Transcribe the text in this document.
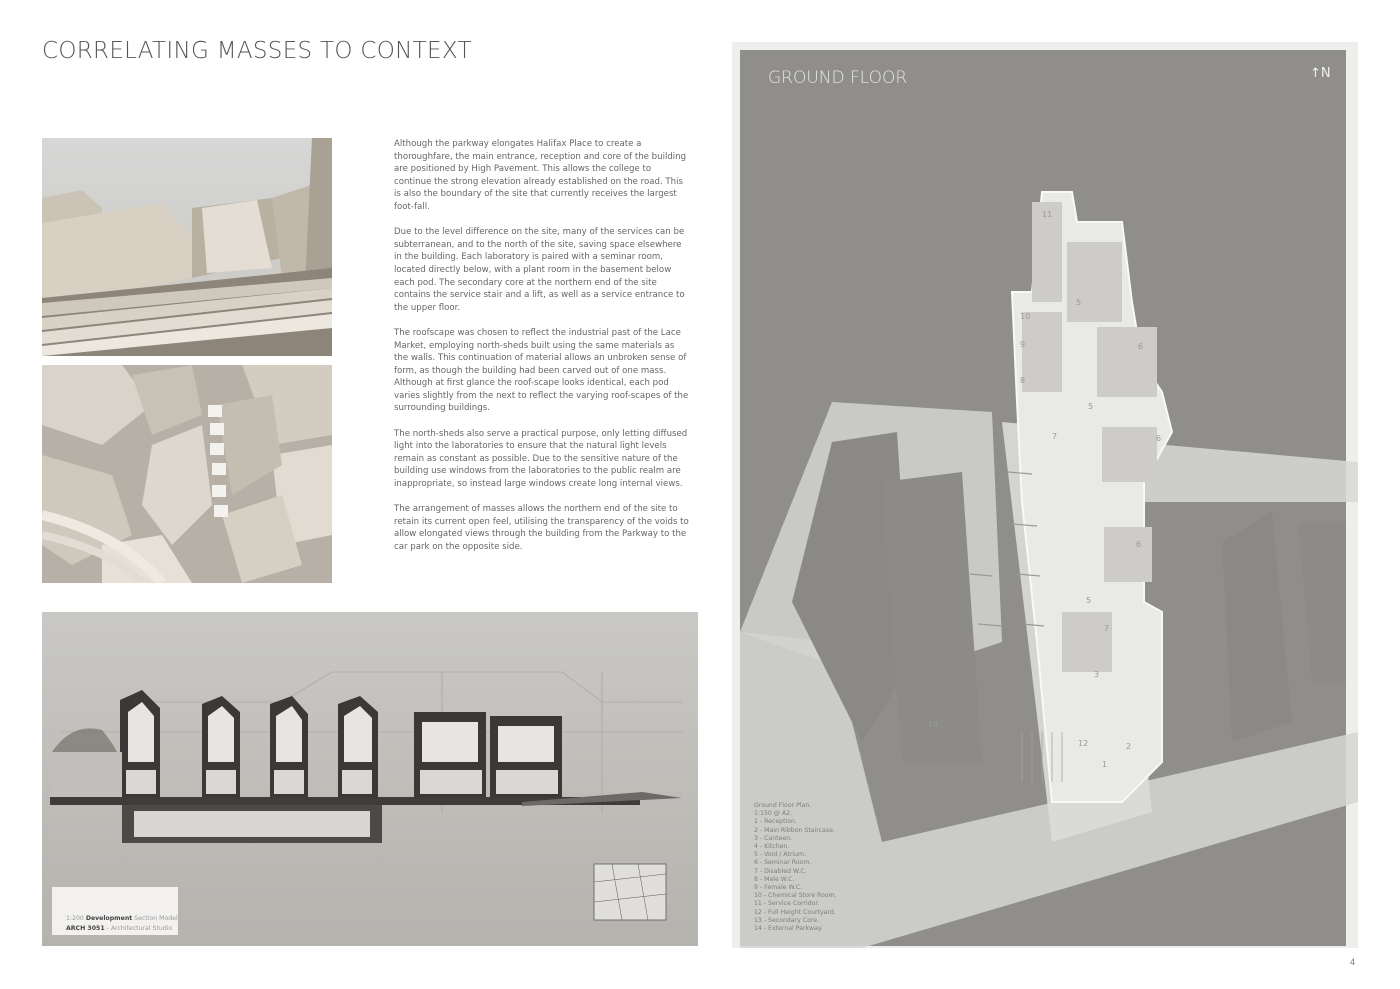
CORRELATING MASSES TO CONTEXT

Although the parkway elongates Halifax Place to create a thoroughfare, the main entrance, reception and core of the building are positioned by High Pavement. This allows the college to continue the strong elevation already established on the road. This is also the boundary of the site that currently receives the largest foot-fall.

Due to the level difference on the site, many of the services can be subterranean, and to the north of the site, saving space elsewhere in the building. Each laboratory is paired with a seminar room, located directly below, with a plant room in the basement below each pod. The secondary core at the northern end of the site contains the service stair and a lift, as well as a service entrance to the upper floor.

The roofscape was chosen to reflect the industrial past of the Lace Market, employing north-sheds built using the same materials as the walls. This continuation of material allows an unbroken sense of form, as though the building had been carved out of one mass. Although at first glance the roof-scape looks identical, each pod varies slightly from the next to reflect the varying roof-scapes of the surrounding buildings.

The north-sheds also serve a practical purpose, only letting diffused light into the laboratories to ensure that the natural light levels remain as constant as possible. Due to the sensitive nature of the building use windows from the laboratories to the public realm are inappropriate, so instead large windows create long internal views.

The arrangement of masses allows the northern end of the site to retain its current open feel, utilising the transparency of the voids to allow elongated views through the building from the Parkway to the car park on the opposite side.

1:200 Development Section Model
ARCH 3051 - Architectural Studio
GROUND FLOOR	↑N
11
10
9
8
5
6
7
5
6
6
5
7
3
12	2
14
1
Ground Floor Plan.
1:150 @ A2.
1 - Reception.
2 - Main Ribbon Staircase.
3 - Canteen.
4 - Kitchen.
5 - Void / Atrium.
6 - Seminar Room.
7 - Disabled W.C.
8 - Male W.C.
9 - Female W.C.
10 - Chemical Store Room.
11 - Service Corridor.
12 - Full Height Courtyard.
13 - Secondary Core.
14 - External Parkway.
4
